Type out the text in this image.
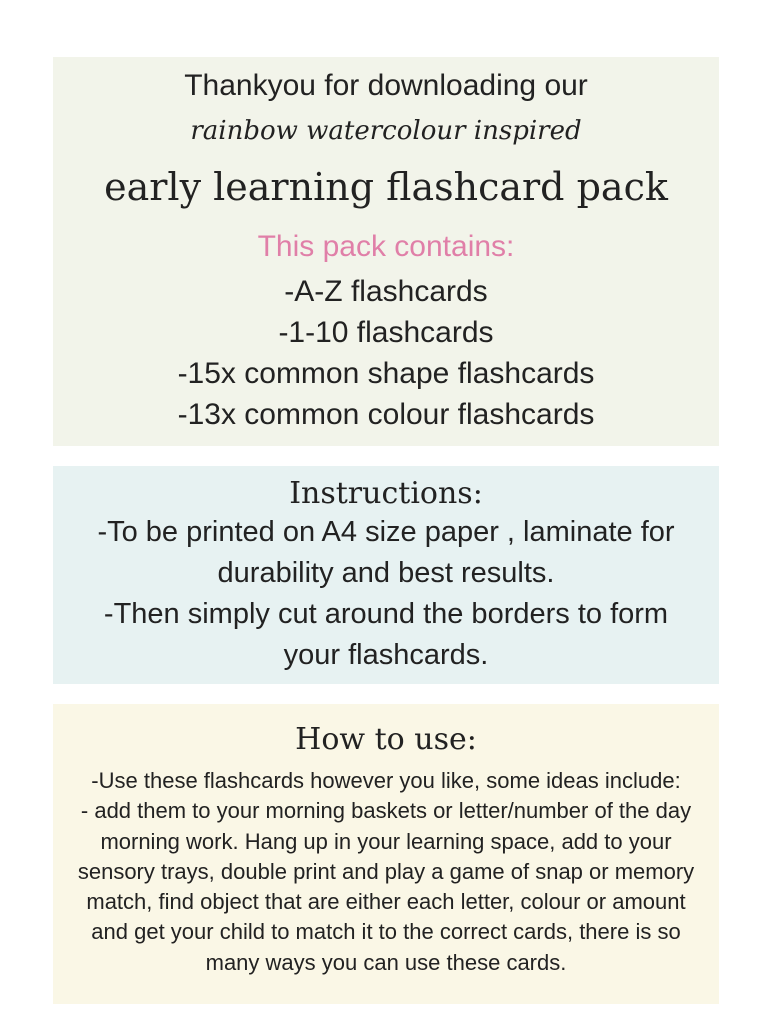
Thankyou for downloading our
rainbow watercolour inspired
early learning flashcard pack
This pack contains:
-A-Z flashcards
-1-10 flashcards
-15x common shape flashcards
-13x common colour flashcards
Instructions:
-To be printed on A4 size paper , laminate for
durability and best results.
-Then simply cut around the borders to form
your flashcards.
How to use:
-Use these flashcards however you like, some ideas include:
- add them to your morning baskets or letter/number of the day
morning work. Hang up in your learning space, add to your
sensory trays, double print and play a game of snap or memory
match, find object that are either each letter, colour or amount
and get your child to match it to the correct cards, there is so
many ways you can use these cards.
